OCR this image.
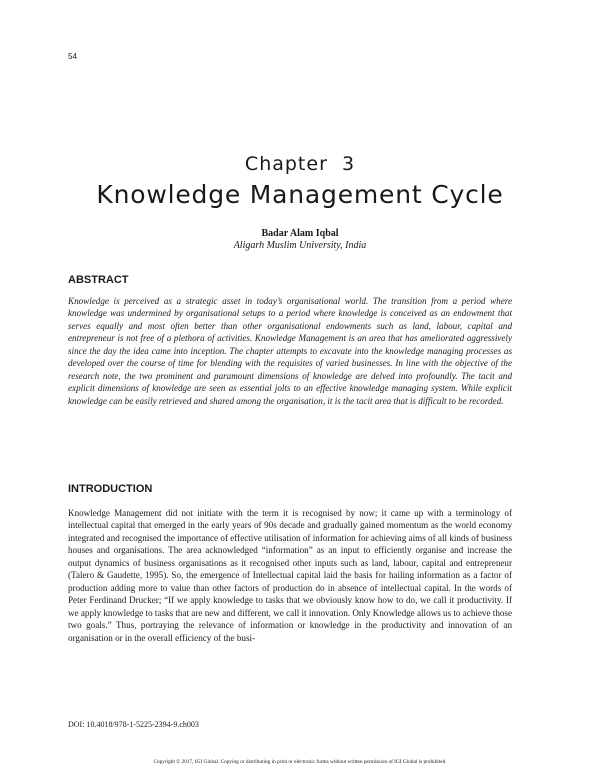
54
Chapter  3
Knowledge Management Cycle
Badar Alam Iqbal
Aligarh Muslim University, India
ABSTRACT

Knowledge is perceived as a strategic asset in today’s organisational world. The transition from a period where knowledge was undermined by organisational setups to a period where knowledge is conceived as an endowment that serves equally and most often better than other organisational endowments such as land, labour, capital and entrepreneur is not free of a plethora of activities. Knowledge Management is an area that has ameliorated aggressively since the day the idea came into inception. The chapter attempts to excavate into the knowledge managing processes as developed over the course of time for blending with the requisites of varied businesses. In line with the objective of the research note, the two prominent and paramount dimensions of knowledge are delved into profoundly. The tacit and explicit dimensions of knowledge are seen as essential jolts to an effective knowledge managing system. While explicit knowledge can be easily retrieved and shared among the organisation, it is the tacit area that is difficult to be recorded.

INTRODUCTION

Knowledge Management did not initiate with the term it is recognised by now; it came up with a terminology of intellectual capital that emerged in the early years of 90s decade and gradually gained momentum as the world economy integrated and recognised the importance of effective utilisation of information for achieving aims of all kinds of business houses and organisations. The area acknowledged “information” as an input to efficiently organise and increase the output dynamics of business organisations as it recognised other inputs such as land, labour, capital and entrepreneur (Talero & Gaudette, 1995). So, the emergence of Intellectual capital laid the basis for hailing information as a factor of production adding more to value than other factors of production do in absence of intellectual capital. In the words of Peter Ferdinand Drucker; “If we apply knowledge to tasks that we obviously know how to do, we call it productivity. If we apply knowledge to tasks that are new and different, we call it innovation. Only Knowledge allows us to achieve those two goals.” Thus, portraying the relevance of information or knowledge in the productivity and innovation of an organisation or in the overall efficiency of the busi-

DOI: 10.4018/978-1-5225-2394-9.ch003
Copyright © 2017, IGI Global. Copying or distributing in print or electronic forms without written permission of IGI Global is prohibited.
